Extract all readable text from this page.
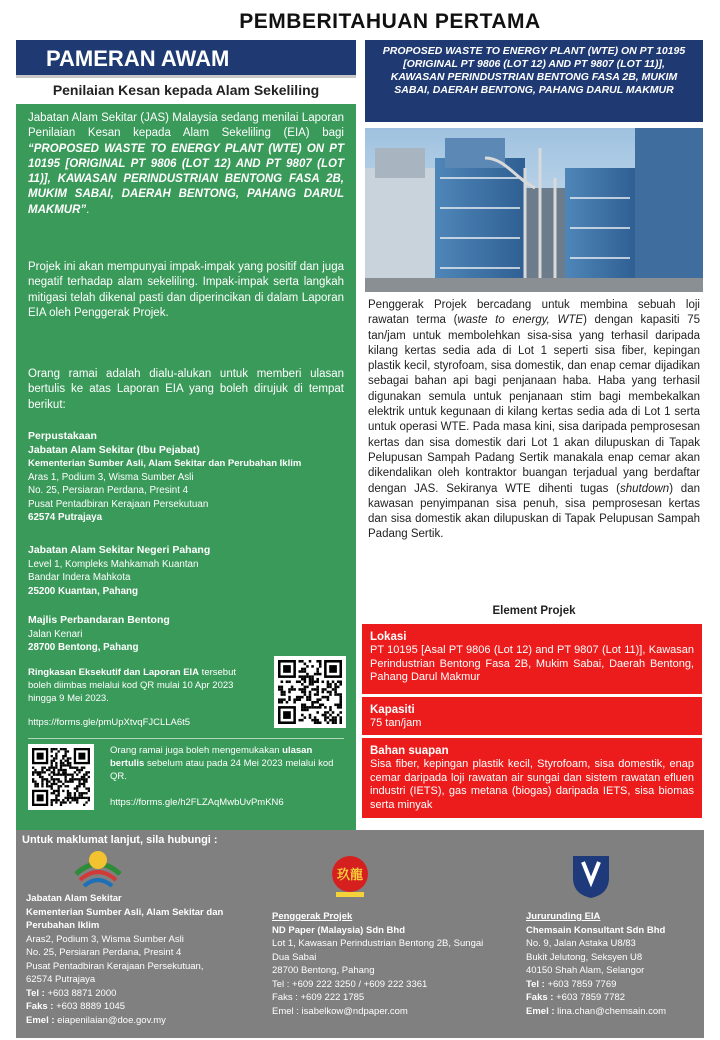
PEMBERITAHUAN PERTAMA
PAMERAN AWAM
Penilaian Kesan kepada Alam Sekeliling
PROPOSED WASTE TO ENERGY PLANT (WTE) ON PT 10195 [ORIGINAL PT 9806 (LOT 12) AND PT 9807 (LOT 11)], KAWASAN PERINDUSTRIAN BENTONG FASA 2B, MUKIM SABAI, DAERAH BENTONG, PAHANG DARUL MAKMUR
Jabatan Alam Sekitar (JAS) Malaysia sedang menilai Laporan Penilaian Kesan kepada Alam Sekeliling (EIA) bagi “PROPOSED WASTE TO ENERGY PLANT (WTE) ON PT 10195 [ORIGINAL PT 9806 (LOT 12) AND PT 9807 (LOT 11)], KAWASAN PERINDUSTRIAN BENTONG FASA 2B, MUKIM SABAI, DAERAH BENTONG, PAHANG DARUL MAKMUR”.
Projek ini akan mempunyai impak-impak yang positif dan juga negatif terhadap alam sekeliling. Impak-impak serta langkah mitigasi telah dikenal pasti dan diperincikan di dalam Laporan EIA oleh Penggerak Projek.
Orang ramai adalah dialu-alukan untuk memberi ulasan bertulis ke atas Laporan EIA yang boleh dirujuk di tempat berikut:
Perpustakaan
Jabatan Alam Sekitar (Ibu Pejabat)
Kementerian Sumber Asli, Alam Sekitar dan Perubahan Iklim
Aras 1, Podium 3, Wisma Sumber Asli
No. 25, Persiaran Perdana, Presint 4
Pusat Pentadbiran Kerajaan Persekutuan
62574 Putrajaya
Jabatan Alam Sekitar Negeri Pahang
Level 1, Kompleks Mahkamah Kuantan
Bandar Indera Mahkota
25200 Kuantan, Pahang
Majlis Perbandaran Bentong
Jalan Kenari
28700 Bentong, Pahang
Ringkasan Eksekutif dan Laporan EIA tersebut boleh diimbas melalui kod QR mulai 10 Apr 2023 hingga 9 Mei 2023.
https://forms.gle/pmUpXtvqFJCLLA6t5
Orang ramai juga boleh mengemukakan ulasan bertulis sebelum atau pada 24 Mei 2023 melalui kod QR.
https://forms.gle/h2FLZAqMwbUvPmKN6
Penggerak Projek bercadang untuk membina sebuah loji rawatan terma (waste to energy, WTE) dengan kapasiti 75 tan/jam untuk membolehkan sisa-sisa yang terhasil daripada kilang kertas sedia ada di Lot 1 seperti sisa fiber, kepingan plastik kecil, styrofoam, sisa domestik, dan enap cemar dijadikan sebagai bahan api bagi penjanaan haba. Haba yang terhasil digunakan semula untuk penjanaan stim bagi membekalkan elektrik untuk kegunaan di kilang kertas sedia ada di Lot 1 serta untuk operasi WTE. Pada masa kini, sisa daripada pemprosesan kertas dan sisa domestik dari Lot 1 akan dilupuskan di Tapak Pelupusan Sampah Padang Sertik manakala enap cemar akan dikendalikan oleh kontraktor buangan terjadual yang berdaftar dengan JAS. Sekiranya WTE dihenti tugas (shutdown) dan kawasan penyimpanan sisa penuh, sisa pemprosesan kertas dan sisa domestik akan dilupuskan di Tapak Pelupusan Sampah Padang Sertik.
Element Projek
Lokasi
PT 10195 [Asal PT 9806 (Lot 12) and PT 9807 (Lot 11)], Kawasan Perindustrian Bentong Fasa 2B, Mukim Sabai, Daerah Bentong, Pahang Darul Makmur
Kapasiti
75 tan/jam
Bahan suapan
Sisa fiber, kepingan plastik kecil, Styrofoam, sisa domestik, enap cemar daripada loji rawatan air sungai dan sistem rawatan efluen industri (IETS), gas metana (biogas) daripada IETS, sisa biomas serta minyak
Untuk maklumat lanjut, sila hubungi :
玖龍
Jabatan Alam Sekitar
Kementerian Sumber Asli, Alam Sekitar dan Perubahan Iklim
Aras2, Podium 3, Wisma Sumber Asli
No. 25, Persiaran Perdana, Presint 4
Pusat Pentadbiran Kerajaan Persekutuan, 62574 Putrajaya
Tel : +603 8871 2000
Faks : +603 8889 1045
Emel : eiapenilaian@doe.gov.my
Penggerak Projek
ND Paper (Malaysia) Sdn Bhd
Lot 1, Kawasan Perindustrian Bentong 2B, Sungai Dua Sabai
28700 Bentong, Pahang
Tel : +609 222 3250 / +609 222 3361
Faks : +609 222 1785
Emel : isabelkow@ndpaper.com
Jururunding EIA
Chemsain Konsultant Sdn Bhd
No. 9, Jalan Astaka U8/83
Bukit Jelutong, Seksyen U8
40150 Shah Alam, Selangor
Tel : +603 7859 7769
Faks : +603 7859 7782
Emel : lina.chan@chemsain.com
